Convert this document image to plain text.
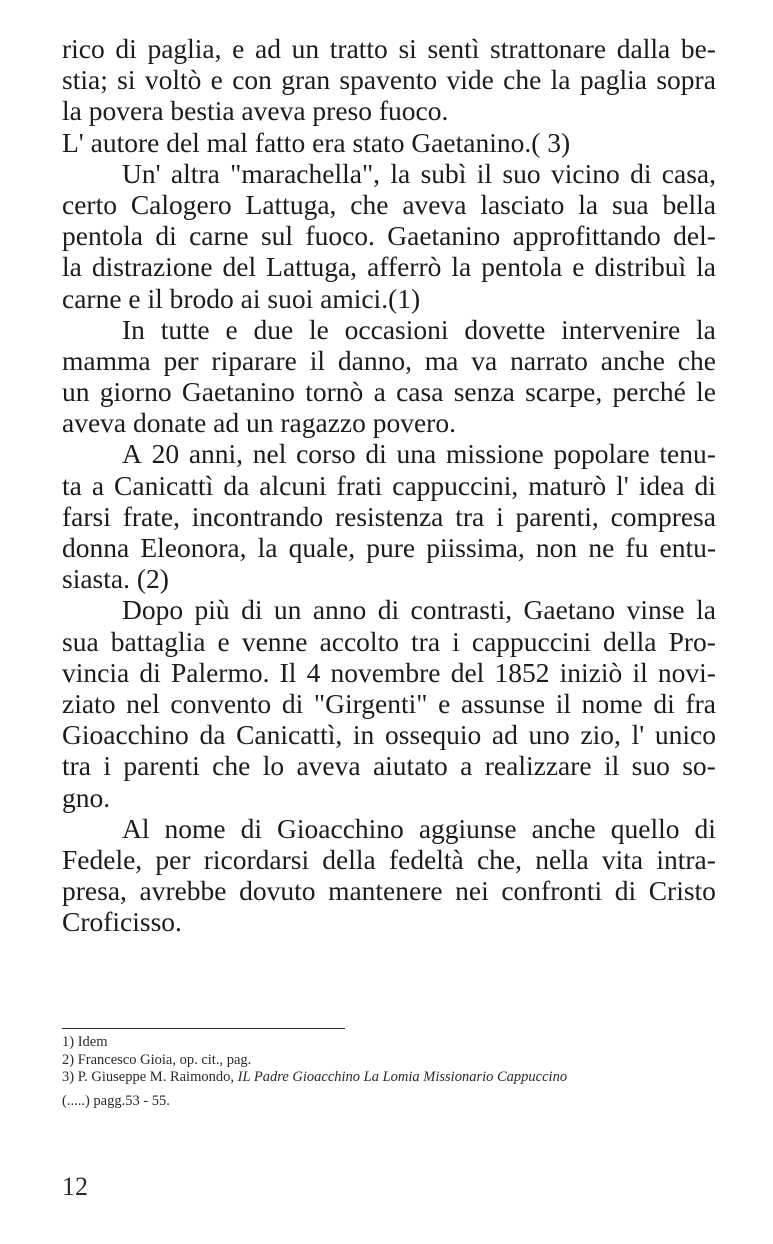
rico di paglia, e ad un tratto si sentì strattonare dalla be-
stia; si voltò e con gran spavento vide che la paglia sopra
la povera bestia aveva preso fuoco.
L' autore del mal fatto era stato Gaetanino.( 3)
Un' altra "marachella", la subì il suo vicino di casa,
certo Calogero Lattuga, che aveva lasciato la sua bella
pentola di carne sul fuoco. Gaetanino approfittando del-
la distrazione del Lattuga, afferrò la pentola e distribuì la
carne e il brodo ai suoi amici.(1)
In tutte e due le occasioni dovette intervenire la
mamma per riparare il danno, ma va narrato anche che
un giorno Gaetanino tornò a casa senza scarpe, perché le
aveva donate ad un ragazzo povero.
A 20 anni, nel corso di una missione popolare tenu-
ta a Canicattì da alcuni frati cappuccini, maturò l' idea di
farsi frate, incontrando resistenza tra i parenti, compresa
donna Eleonora, la quale, pure piissima, non ne fu entu-
siasta. (2)
Dopo più di un anno di contrasti, Gaetano vinse la
sua battaglia e venne accolto tra i cappuccini della Pro-
vincia di Palermo. Il 4 novembre del 1852 iniziò il novi-
ziato nel convento di "Girgenti" e assunse il nome di fra
Gioacchino da Canicattì, in ossequio ad uno zio, l' unico
tra i parenti che lo aveva aiutato a realizzare il suo so-
gno.
Al nome di Gioacchino aggiunse anche quello di
Fedele, per ricordarsi della fedeltà che, nella vita intra-
presa, avrebbe dovuto mantenere nei confronti di Cristo
Croficisso.
1) Idem
2) Francesco Gioia, op. cit., pag.
3) P. Giuseppe M. Raimondo, IL Padre Gioacchino La Lomia Missionario Cappuccino
(.....) pagg.53 - 55.
12
